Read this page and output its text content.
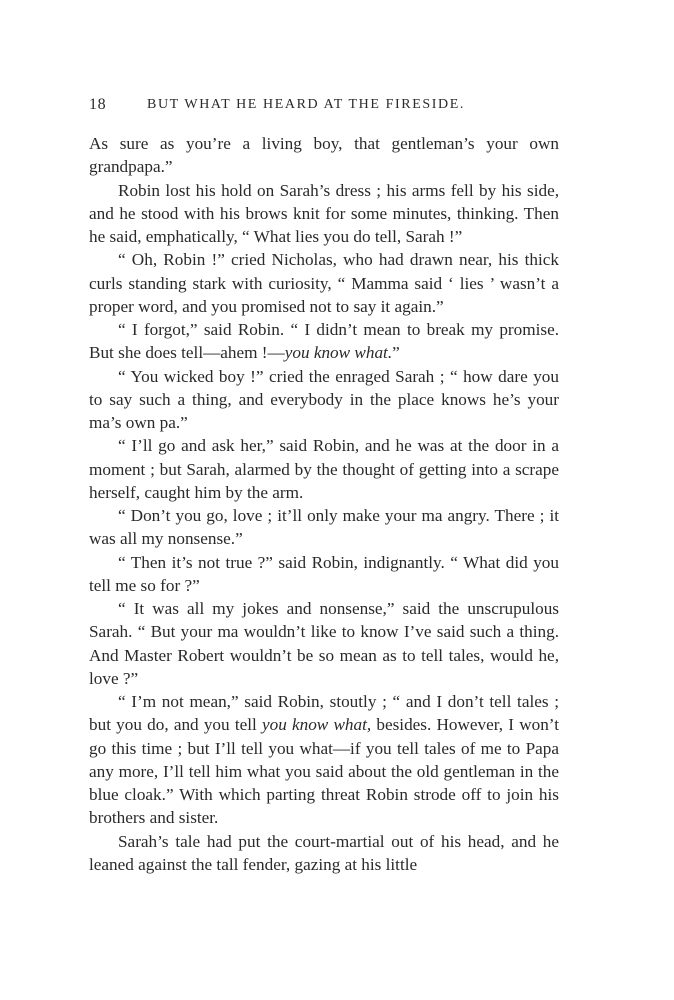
18	BUT WHAT HE HEARD AT THE FIRESIDE.

As sure as you’re a living boy, that gentleman’s your own grandpapa.”

Robin lost his hold on Sarah’s dress ; his arms fell by his side, and he stood with his brows knit for some minutes, thinking. Then he said, emphatically, “ What lies you do tell, Sarah !”

“ Oh, Robin !” cried Nicholas, who had drawn near, his thick curls standing stark with curiosity, “ Mamma said ‘ lies ’ wasn’t a proper word, and you promised not to say it again.”

“ I forgot,” said Robin. “ I didn’t mean to break my promise. But she does tell—ahem !—you know what.”

“ You wicked boy !” cried the enraged Sarah ; “ how dare you to say such a thing, and everybody in the place knows he’s your ma’s own pa.”

“ I’ll go and ask her,” said Robin, and he was at the door in a moment ; but Sarah, alarmed by the thought of getting into a scrape herself, caught him by the arm.

“ Don’t you go, love ; it’ll only make your ma angry. There ; it was all my nonsense.”

“ Then it’s not true ?” said Robin, indignantly. “ What did you tell me so for ?”

“ It was all my jokes and nonsense,” said the unscrupulous Sarah. “ But your ma wouldn’t like to know I’ve said such a thing. And Master Robert wouldn’t be so mean as to tell tales, would he, love ?”

“ I’m not mean,” said Robin, stoutly ; “ and I don’t tell tales ; but you do, and you tell you know what, besides. However, I won’t go this time ; but I’ll tell you what—if you tell tales of me to Papa any more, I’ll tell him what you said about the old gentleman in the blue cloak.” With which parting threat Robin strode off to join his brothers and sister.

Sarah’s tale had put the court-martial out of his head, and he leaned against the tall fender, gazing at his little
